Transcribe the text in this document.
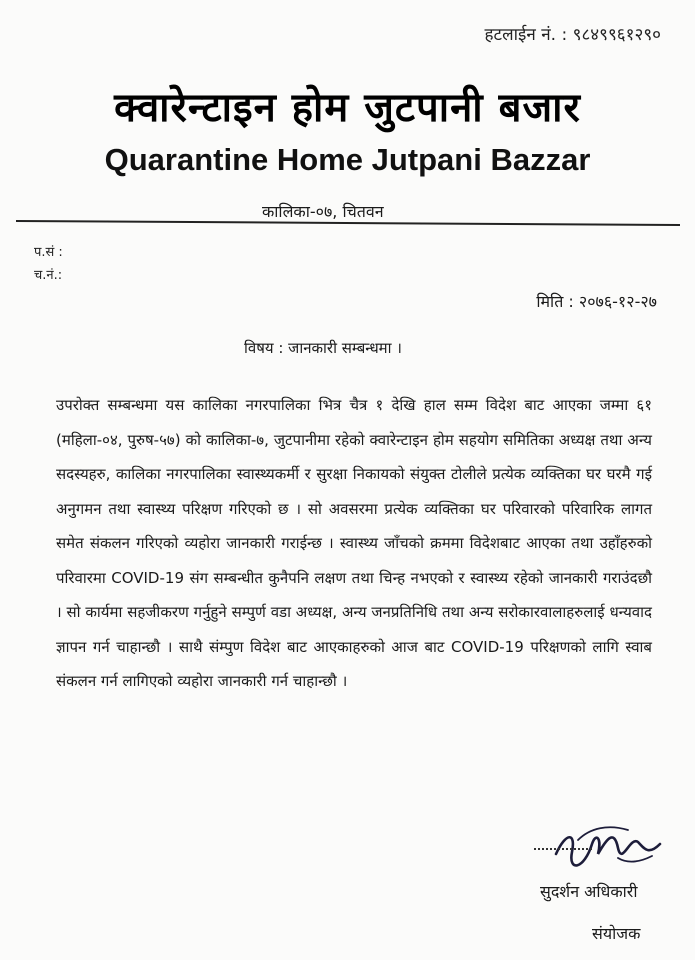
हटलाईन नं. : ९८४९९६१२९०
क्वारेन्टाइन होम जुटपानी बजार
Quarantine Home Jutpani Bazzar
कालिका-०७, चितवन
प.सं :
च.नं.:
मिति : २०७६-१२-२७
विषय : जानकारी सम्बन्धमा ।
उपरोक्त सम्बन्धमा यस कालिका नगरपालिका भित्र चैत्र १ देखि हाल सम्म विदेश बाट आएका जम्मा ६१ (महिला-०४, पुरुष-५७) को कालिका-७, जुटपानीमा रहेको क्वारेन्टाइन होम सहयोग समितिका अध्यक्ष तथा अन्य सदस्यहरु, कालिका नगरपालिका स्वास्थ्यकर्मी र सुरक्षा निकायको संयुक्त टोलीले प्रत्येक व्यक्तिका घर घरमै गई अनुगमन तथा स्वास्थ्य परिक्षण गरिएको छ । सो अवसरमा प्रत्येक व्यक्तिका घर परिवारको परिवारिक लागत समेत संकलन गरिएको व्यहोरा जानकारी गराईन्छ । स्वास्थ्य जाँचको क्रममा विदेशबाट आएका तथा उहाँहरुको परिवारमा COVID-19 संग सम्बन्धीत कुनैपनि लक्षण तथा चिन्ह नभएको र स्वास्थ्य रहेको जानकारी गराउंदछौ । सो कार्यमा सहजीकरण गर्नुहुने सम्पुर्ण वडा अध्यक्ष, अन्य जनप्रतिनिधि तथा अन्य सरोकारवालाहरुलाई धन्यवाद ज्ञापन गर्न चाहान्छौ । साथै संम्पुण विदेश बाट आएकाहरुको आज बाट COVID-19 परिक्षणको लागि स्वाब संकलन गर्न लागिएको व्यहोरा जानकारी गर्न चाहान्छौ ।
सुदर्शन अधिकारी
संयोजक
